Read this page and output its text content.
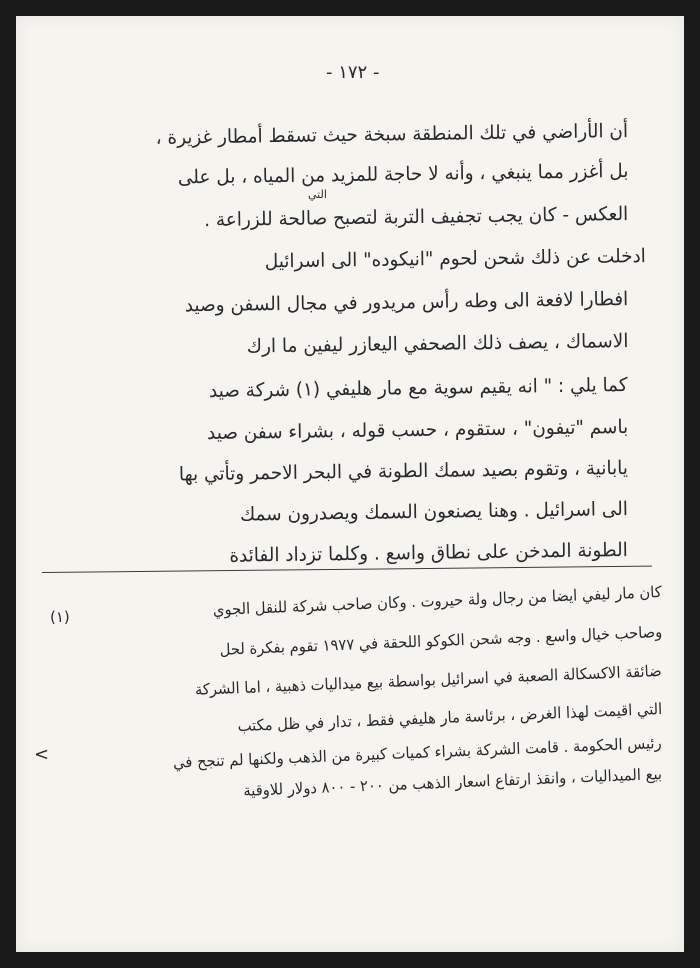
- ١٧٢ -
أن الأراضي في تلك المنطقة سبخة حيث تسقط أمطار غزيرة ،
بل أغزر مما ينبغي ، وأنه لا حاجة للمزيد من المياه ، بل على
التي
العكس - كان يجب تجفيف التربة لتصبح صالحة للزراعة .
ادخلت عن ذلك شحن لحوم "انيكوده" الى اسرائيل
افطارا لافعة الى وطه رأس مريدور في مجال السفن وصيد
الاسماك ، يصف ذلك الصحفي اليعازر ليفين ما ارك
كما يلي : " انه يقيم سوية مع مار هليفي (١) شركة صيد
باسم "تيفون" ، ستقوم ، حسب قوله ، بشراء سفن صيد
يابانية ، وتقوم بصيد سمك الطونة في البحر الاحمر وتأتي بها
الى اسرائيل . وهنا يصنعون السمك ويصدرون سمك
الطونة المدخن على نطاق واسع . وكلما تزداد الفائدة
(١)	كان مار ليفي ايضا من رجال ولة حيروت . وكان صاحب شركة للنقل الجوي
وصاحب خيال واسع . وجه شحن الكوكو اللحقة في ١٩٧٧ تقوم بفكرة لحل
ضائقة الاكسكالة الصعبة في اسرائيل بواسطة بيع ميداليات ذهبية ، اما الشركة
التي اقيمت لهذا الغرض ، برئاسة مار هليفي فقط ، تدار في ظل مكتب
رئيس الحكومة . قامت الشركة بشراء كميات كبيرة من الذهب ولكنها لم تنجح في
بيع الميداليات ، وانقذ ارتفاع اسعار الذهب من ٢٠٠ - ٨٠٠ دولار للاوقية
<
